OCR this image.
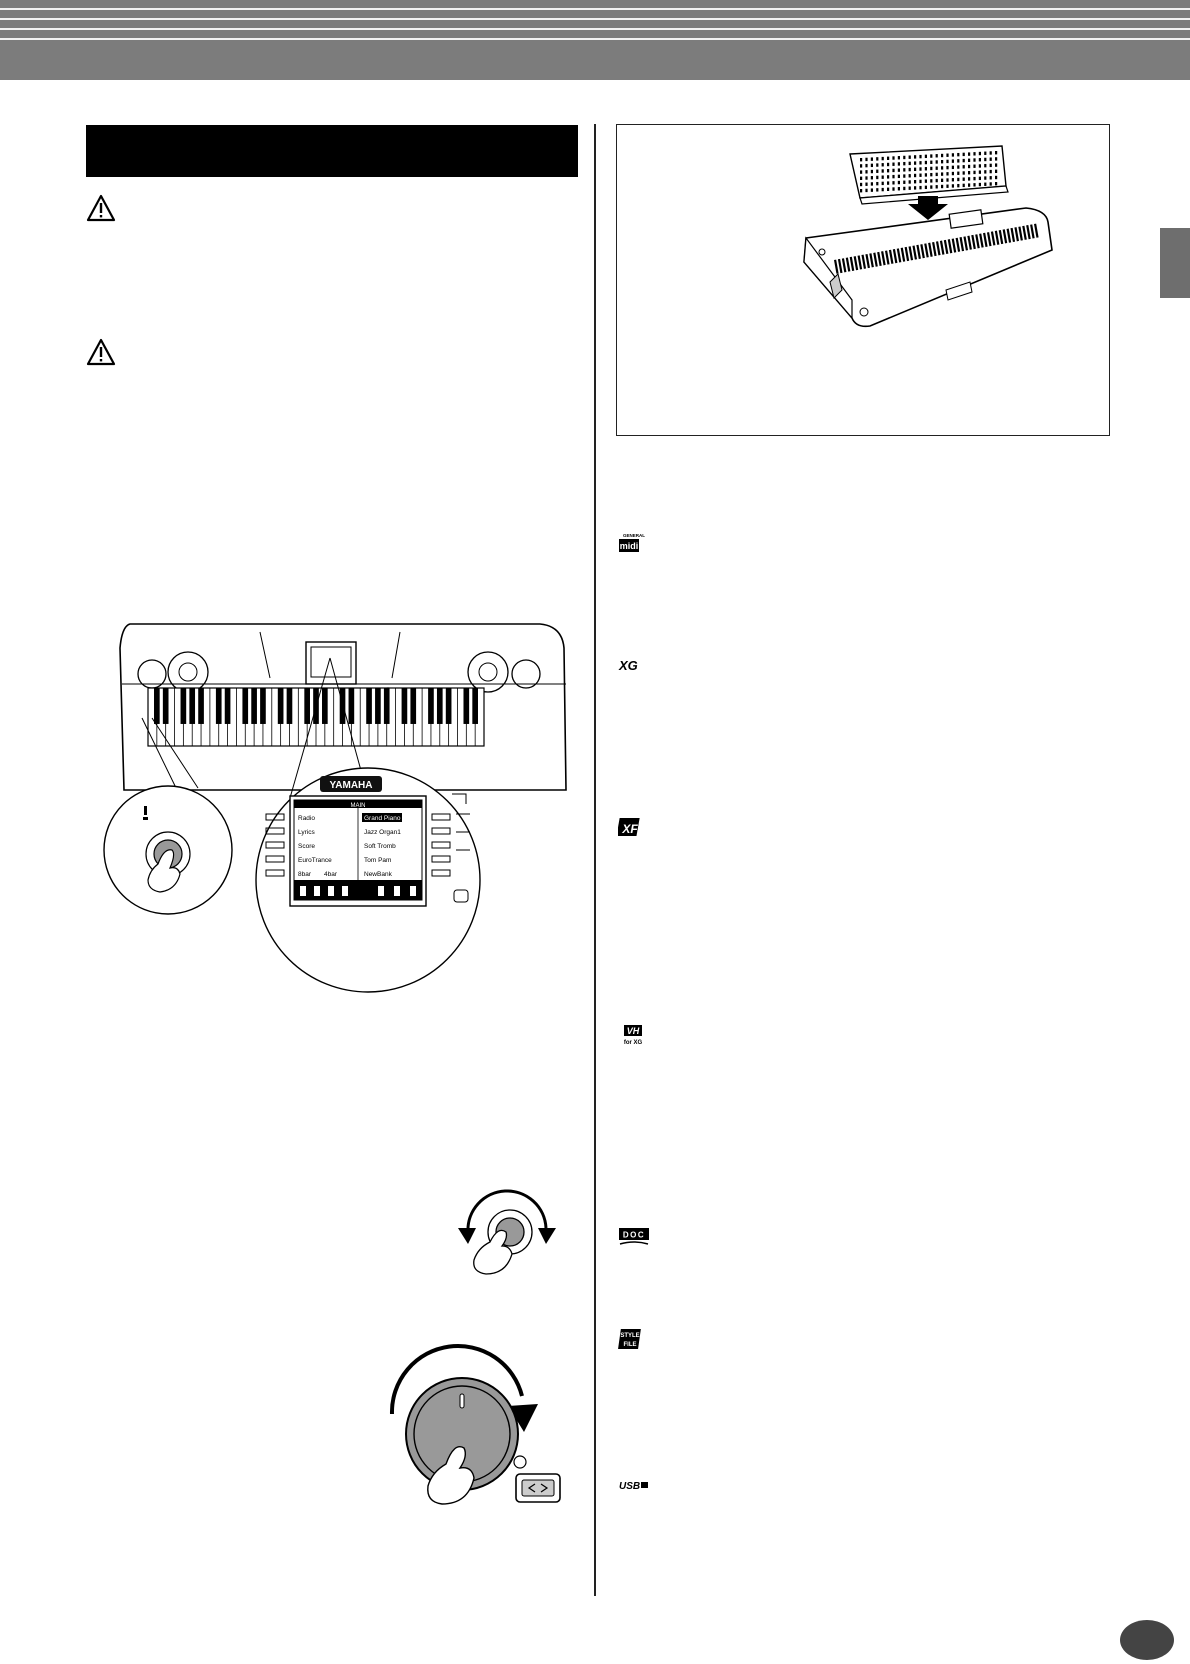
YAMAHA
MAIN
Radio
Lyrics
Score
EuroTrance
8bar 4bar
Grand Piano
Jazz Organ1
Soft Tromb
Tom Pam
NewBank
GENERAL
midi
XG
XF
VH
for XG
DOC
STYLE
FILE
USB
